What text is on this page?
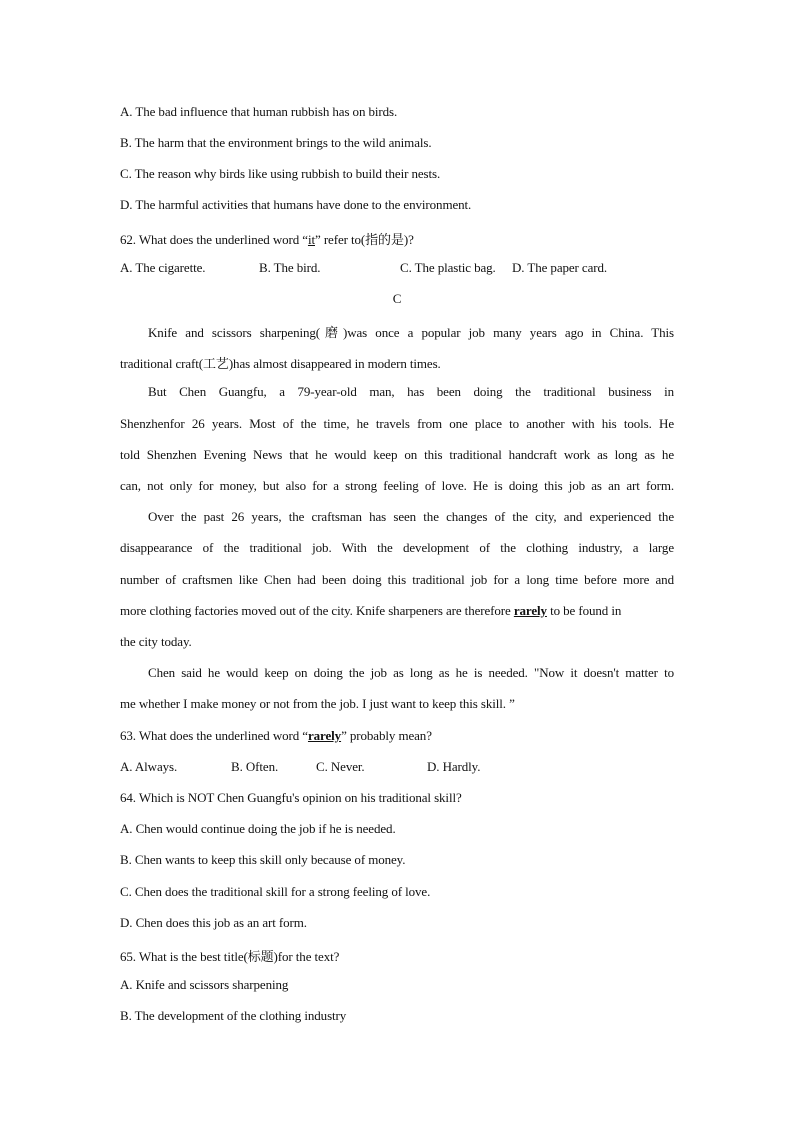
A. The bad influence that human rubbish has on birds.
B. The harm that the environment brings to the wild animals.
C. The reason why birds like using rubbish to build their nests.
D. The harmful activities that humans have done to the environment.
62. What does the underlined word “it” refer to(指的是)?
A. The cigarette.	B. The bird.	C. The plastic bag. D. The paper card.
C
Knife and scissors sharpening(磨)was once a popular job many years ago in China. This
traditional craft(工艺)has almost disappeared in modern times.
But Chen Guangfu, a 79-year-old man, has been doing the traditional business in
Shenzhenfor 26 years. Most of the time, he travels from one place to another with his tools. He
told Shenzhen Evening News that he would keep on this traditional handcraft work as long as he
can, not only for money, but also for a strong feeling of love. He is doing this job as an art form.
Over the past 26 years, the craftsman has seen the changes of the city, and experienced the
disappearance of the traditional job. With the development of the clothing industry, a large
number of craftsmen like Chen had been doing this traditional job for a long time before more and
more clothing factories moved out of the city. Knife sharpeners are therefore rarely to be found in
the city today.
Chen said he would keep on doing the job as long as he is needed. "Now it doesn't matter to
me whether I make money or not from the job. I just want to keep this skill. ”
63. What does the underlined word “rarely” probably mean?
A. Always.	B. Often.	C. Never.	D. Hardly.
64. Which is NOT Chen Guangfu's opinion on his traditional skill?
A. Chen would continue doing the job if he is needed.
B. Chen wants to keep this skill only because of money.
C. Chen does the traditional skill for a strong feeling of love.
D. Chen does this job as an art form.
65. What is the best title(标题)for the text?
A. Knife and scissors sharpening
B. The development of the clothing industry
